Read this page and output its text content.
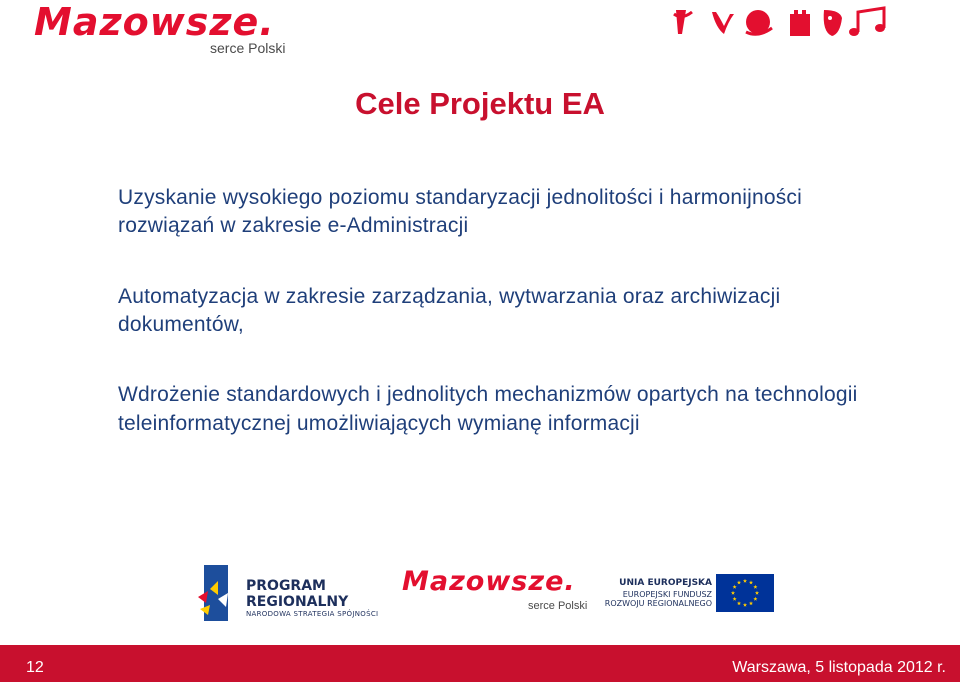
Mazowsze.
serce Polski
Cele Projektu EA
Uzyskanie wysokiego poziomu standaryzacji jednolitości i harmonijności rozwiązań w zakresie e-Administracji
Automatyzacja w zakresie zarządzania, wytwarzania oraz archiwizacji dokumentów,
Wdrożenie standardowych i jednolitych mechanizmów opartych na technologii teleinformatycznej umożliwiających wymianę informacji
PROGRAM
REGIONALNY
NARODOWA STRATEGIA SPÓJNOŚCI
Mazowsze.
serce Polski
UNIA EUROPEJSKA
EUROPEJSKI FUNDUSZ
ROZWOJU REGIONALNEGO
12	Warszawa, 5 listopada 2012 r.
